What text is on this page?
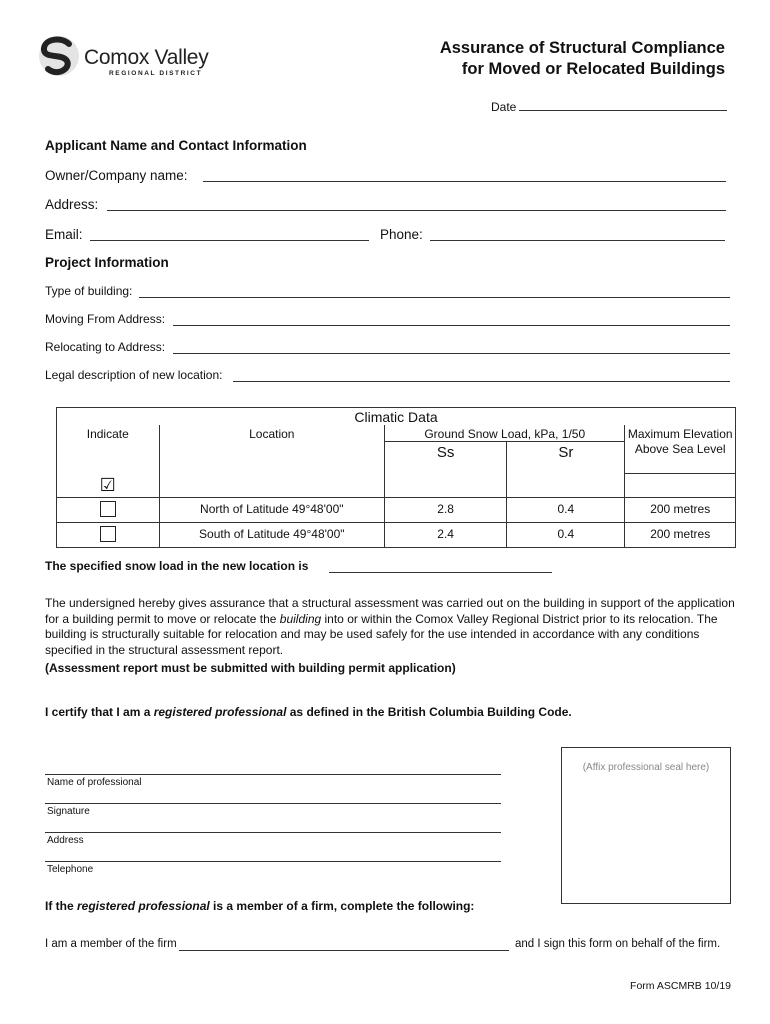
Comox Valley
REGIONAL DISTRICT
Assurance of Structural Compliance
for Moved or Relocated Buildings
Date
Applicant Name and Contact Information
Owner/Company name:
Address:
Email:	Phone:
Project Information
Type of building:
Moving From Address:
Relocating to Address:
Legal description of new location:
Climatic Data				
Indicate	Location	Ground Snow Load, kPa, 1/50		Maximum Elevation Above Sea Level
		Ss	Sr	
☑				
	North of Latitude 49°48'00"	2.8	0.4	200 metres
	South of Latitude 49°48'00"	2.4	0.4	200 metres
The specified snow load in the new location is
The undersigned hereby gives assurance that a structural assessment was carried out on the building in support of the application for a building permit to move or relocate the building into or within the Comox Valley Regional District prior to its relocation. The building is structurally suitable for relocation and may be used safely for the use intended in accordance with any conditions specified in the structural assessment report.
(Assessment report must be submitted with building permit application)
I certify that I am a registered professional as defined in the British Columbia Building Code.
(Affix professional seal here)
Name of professional
Signature
Address
Telephone
If the registered professional is a member of a firm, complete the following:
I am a member of the firm	and I sign this form on behalf of the firm.
Form ASCMRB 10/19
